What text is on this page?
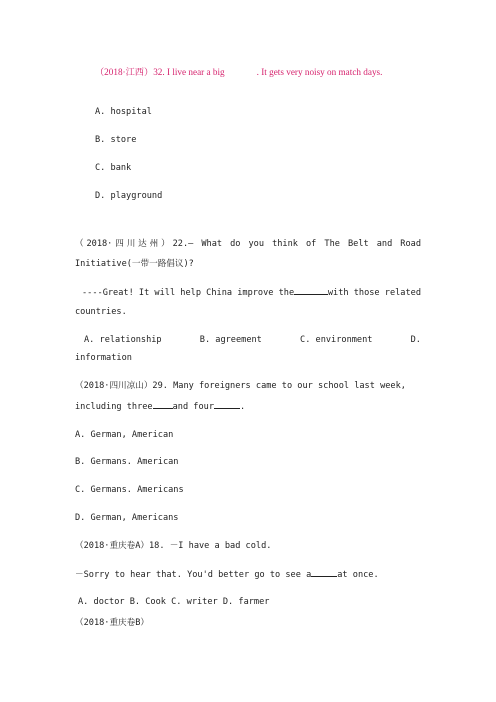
（2018·江西）32. I live near a big	. It gets very noisy on match days.
A. hospital
B. store
C. bank
D. playground
（2018·四川达州）22.— What do you think of The Belt and Road
Initiative(一带一路倡议)?
----Great! It will help China improve the	with those related
countries.
A. relationship	B. agreement	C. environment	D.
information
（2018·四川凉山）29. Many foreigners came to our school last week,
including three and four	.
A. German, American
B. Germans. American
C. Germans. Americans
D. German, Americans
（2018·重庆卷A）18. －I have a bad cold.
－Sorry to hear that. You'd better go to see a	at once.
A. doctor B. Cook C. writer D. farmer
（2018·重庆卷B）
